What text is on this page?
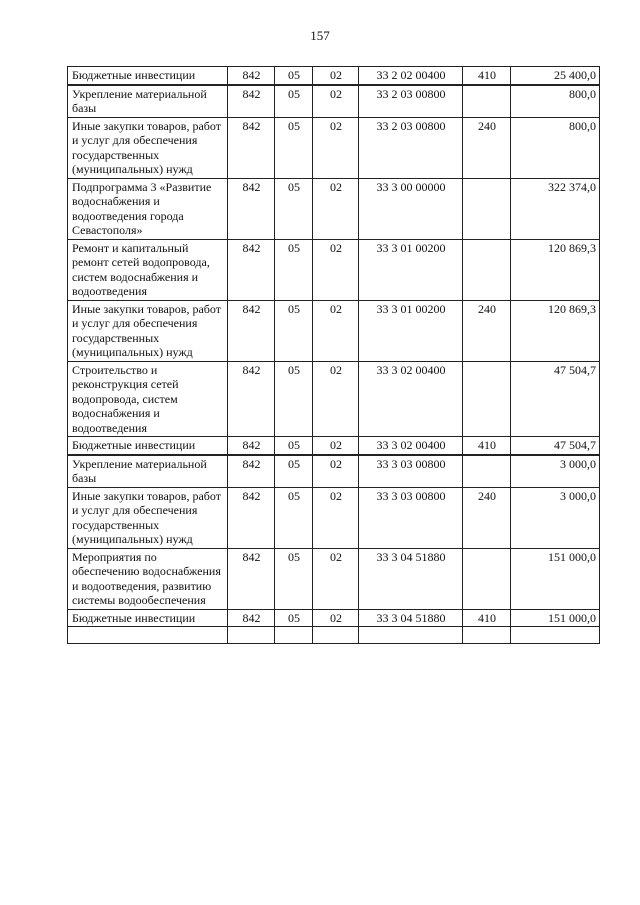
157
Бюджетные инвестиции	842	05	02	33 2 02 00400	410	25 400,0
Укрепление материальной базы	842	05	02	33 2 03 00800		800,0
Иные закупки товаров, работ и услуг для обеспечения государственных (муниципальных) нужд	842	05	02	33 2 03 00800	240	800,0
Подпрограмма 3 «Развитие водоснабжения и водоотведения города Севастополя»	842	05	02	33 3 00 00000		322 374,0
Ремонт и капитальный ремонт сетей водопровода, систем водоснабжения и водоотведения	842	05	02	33 3 01 00200		120 869,3
Иные закупки товаров, работ и услуг для обеспечения государственных (муниципальных) нужд	842	05	02	33 3 01 00200	240	120 869,3
Строительство и реконструкция сетей водопровода, систем водоснабжения и водоотведения	842	05	02	33 3 02 00400		47 504,7
Бюджетные инвестиции	842	05	02	33 3 02 00400	410	47 504,7
Укрепление материальной базы	842	05	02	33 3 03 00800		3 000,0
Иные закупки товаров, работ и услуг для обеспечения государственных (муниципальных) нужд	842	05	02	33 3 03 00800	240	3 000,0
Мероприятия по обеспечению водоснабжения и водоотведения, развитию системы водообеспечения	842	05	02	33 3 04 51880		151 000,0
Бюджетные инвестиции	842	05	02	33 3 04 51880	410	151 000,0
